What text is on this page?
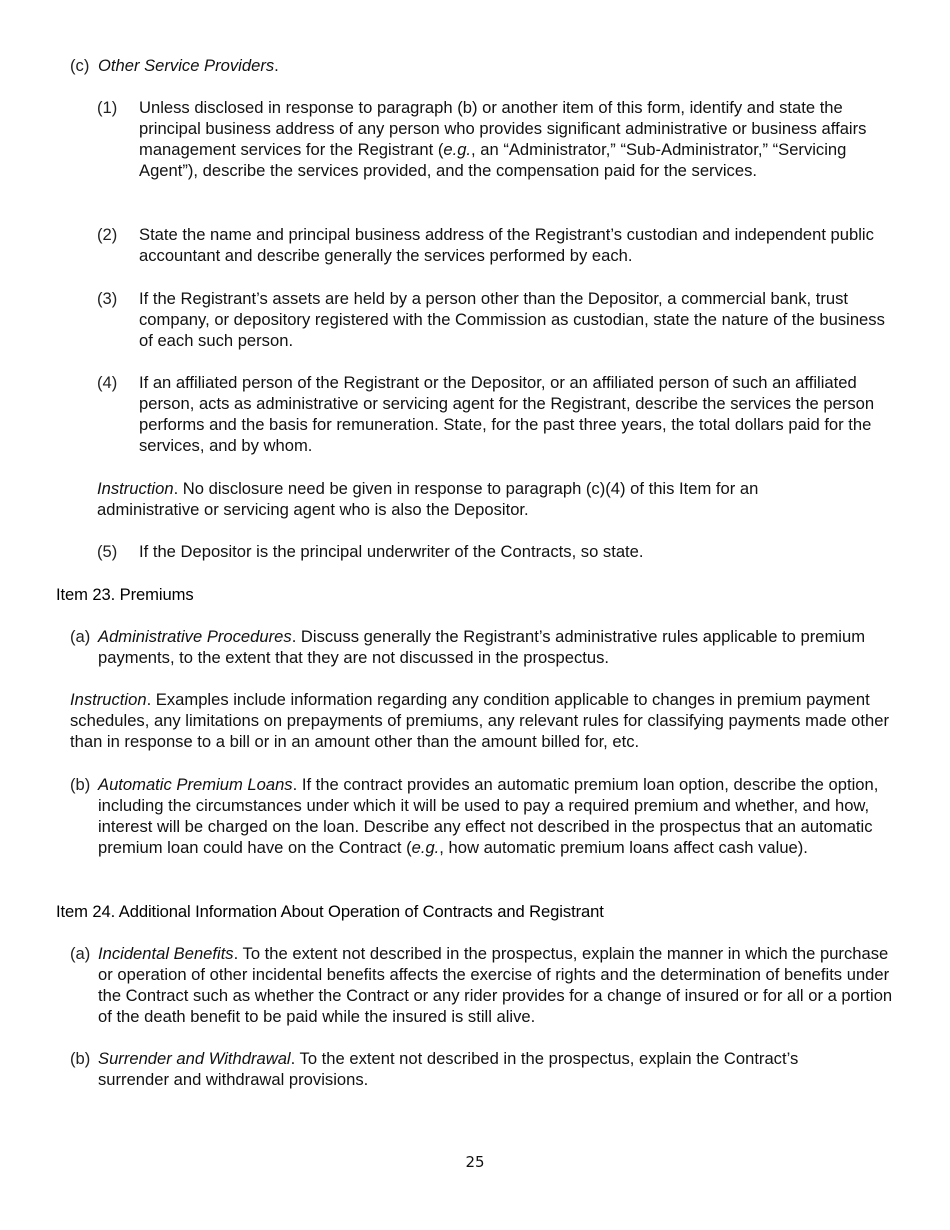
(c) Other Service Providers.
(1) Unless disclosed in response to paragraph (b) or another item of this form, identify and state the principal business address of any person who provides significant administrative or business affairs management services for the Registrant (e.g., an “Administrator,” “Sub-Administrator,” “Servicing Agent”), describe the services provided, and the compensation paid for the services.
(2) State the name and principal business address of the Registrant’s custodian and independent public accountant and describe generally the services performed by each.
(3) If the Registrant’s assets are held by a person other than the Depositor, a commercial bank, trust company, or depository registered with the Commission as custodian, state the nature of the business of each such person.
(4) If an affiliated person of the Registrant or the Depositor, or an affiliated person of such an affiliated person, acts as administrative or servicing agent for the Registrant, describe the services the person performs and the basis for remuneration. State, for the past three years, the total dollars paid for the services, and by whom.
Instruction. No disclosure need be given in response to paragraph (c)(4) of this Item for an administrative or servicing agent who is also the Depositor.
(5) If the Depositor is the principal underwriter of the Contracts, so state.
Item 23. Premiums
(a) Administrative Procedures. Discuss generally the Registrant’s administrative rules applicable to premium payments, to the extent that they are not discussed in the prospectus.
Instruction. Examples include information regarding any condition applicable to changes in premium payment schedules, any limitations on prepayments of premiums, any relevant rules for classifying payments made other than in response to a bill or in an amount other than the amount billed for, etc.
(b) Automatic Premium Loans. If the contract provides an automatic premium loan option, describe the option, including the circumstances under which it will be used to pay a required premium and whether, and how, interest will be charged on the loan. Describe any effect not described in the prospectus that an automatic premium loan could have on the Contract (e.g., how automatic premium loans affect cash value).
Item 24. Additional Information About Operation of Contracts and Registrant
(a) Incidental Benefits. To the extent not described in the prospectus, explain the manner in which the purchase or operation of other incidental benefits affects the exercise of rights and the determination of benefits under the Contract such as whether the Contract or any rider provides for a change of insured or for all or a portion of the death benefit to be paid while the insured is still alive.
(b) Surrender and Withdrawal. To the extent not described in the prospectus, explain the Contract’s surrender and withdrawal provisions.
25
